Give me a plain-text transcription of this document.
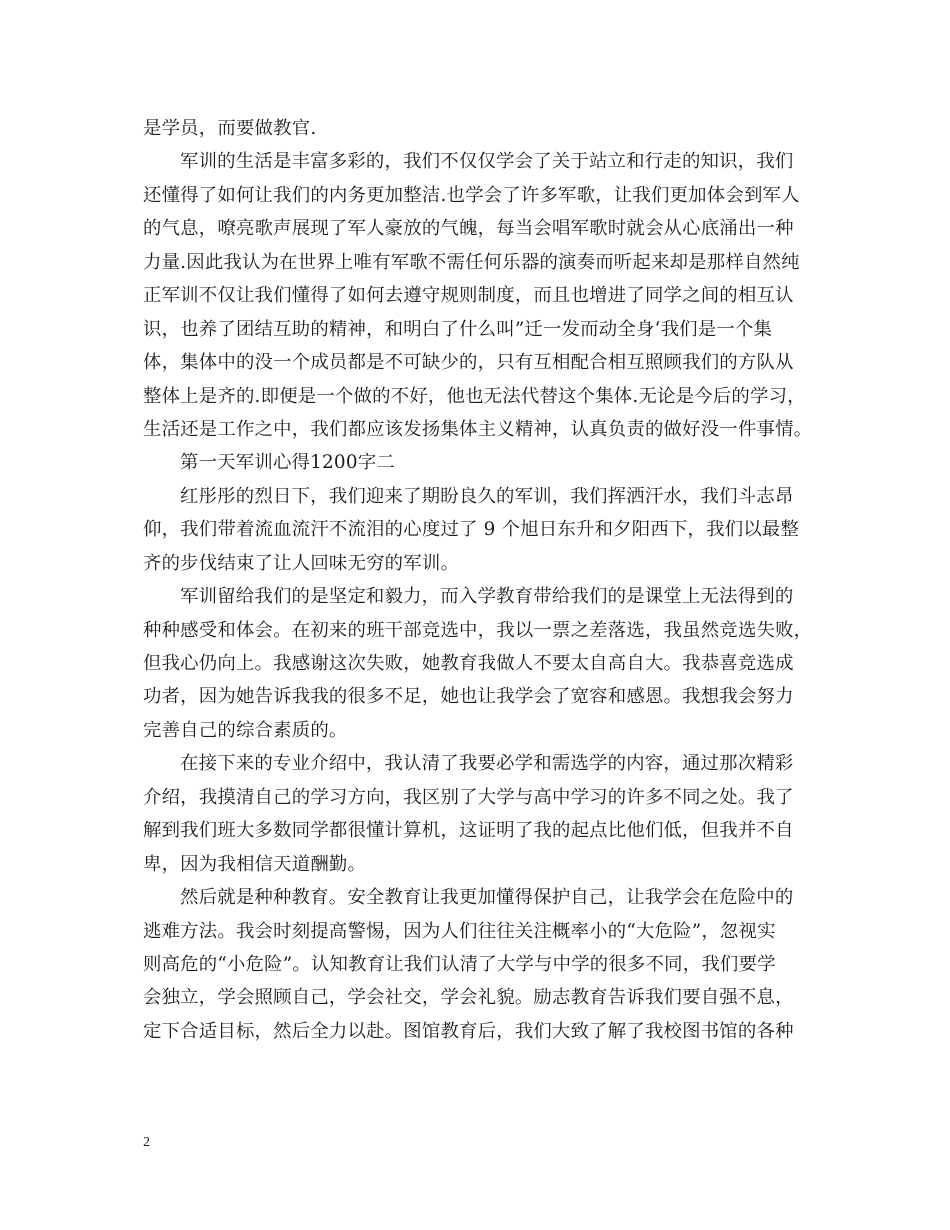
是学员，而要做教官.
军训的生活是丰富多彩的，我们不仅仅学会了关于站立和行走的知识，我们
还懂得了如何让我们的内务更加整洁.也学会了许多军歌，让我们更加体会到军人
的气息，嘹亮歌声展现了军人豪放的气魄，每当会唱军歌时就会从心底涌出一种
力量.因此我认为在世界上唯有军歌不需任何乐器的演奏而听起来却是那样自然纯
正军训不仅让我们懂得了如何去遵守规则制度，而且也增进了同学之间的相互认
识，也养了团结互助的精神，和明白了什么叫”迁一发而动全身‘我们是一个集
体，集体中的没一个成员都是不可缺少的，只有互相配合相互照顾我们的方队从
整体上是齐的.即便是一个做的不好，他也无法代替这个集体.无论是今后的学习，
生活还是工作之中，我们都应该发扬集体主义精神，认真负责的做好没一件事情。
第一天军训心得1200字二
红彤彤的烈日下，我们迎来了期盼良久的军训，我们挥洒汗水，我们斗志昂
仰，我们带着流血流汗不流泪的心度过了 9 个旭日东升和夕阳西下，我们以最整
齐的步伐结束了让人回味无穷的军训。
军训留给我们的是坚定和毅力，而入学教育带给我们的是课堂上无法得到的
种种感受和体会。在初来的班干部竞选中，我以一票之差落选，我虽然竞选失败，
但我心仍向上。我感谢这次失败，她教育我做人不要太自高自大。我恭喜竞选成
功者，因为她告诉我我的很多不足，她也让我学会了宽容和感恩。我想我会努力
完善自己的综合素质的。
在接下来的专业介绍中，我认清了我要必学和需选学的内容，通过那次精彩
介绍，我摸清自己的学习方向，我区别了大学与高中学习的许多不同之处。我了
解到我们班大多数同学都很懂计算机，这证明了我的起点比他们低，但我并不自
卑，因为我相信天道酬勤。
然后就是种种教育。安全教育让我更加懂得保护自己，让我学会在危险中的
逃难方法。我会时刻提高警惕，因为人们往往关注概率小的“大危险”，忽视实
则高危的“小危险”。认知教育让我们认清了大学与中学的很多不同，我们要学
会独立，学会照顾自己，学会社交，学会礼貌。励志教育告诉我们要自强不息，
定下合适目标，然后全力以赴。图馆教育后，我们大致了解了我校图书馆的各种
2
